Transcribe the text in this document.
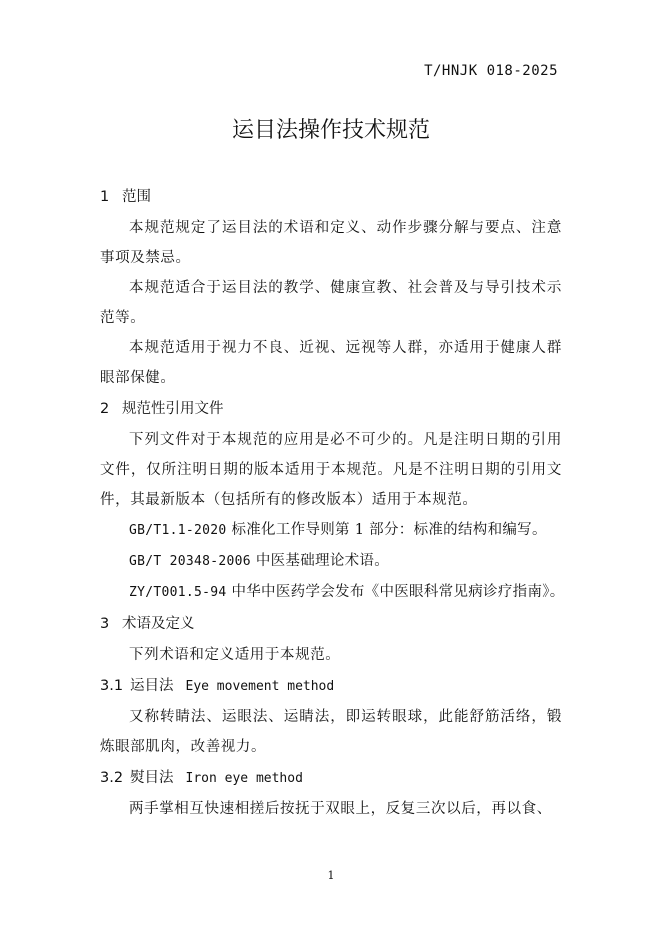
T/HNJK 018-2025
运目法操作技术规范
1 范围

本规范规定了运目法的术语和定义、动作步骤分解与要点、注意事项及禁忌。

本规范适合于运目法的教学、健康宣教、社会普及与导引技术示范等。

本规范适用于视力不良、近视、远视等人群，亦适用于健康人群眼部保健。

2 规范性引用文件

下列文件对于本规范的应用是必不可少的。凡是注明日期的引用文件，仅所注明日期的版本适用于本规范。凡是不注明日期的引用文件，其最新版本（包括所有的修改版本）适用于本规范。

GB/T1.1-2020 标准化工作导则第 1 部分：标准的结构和编写。
GB/T 20348-2006 中医基础理论术语。
ZY/T001.5-94 中华中医药学会发布《中医眼科常见病诊疗指南》。
3 术语及定义

下列术语和定义适用于本规范。

3.1 运目法 Eye movement method

又称转睛法、运眼法、运睛法，即运转眼球，此能舒筋活络，锻炼眼部肌肉，改善视力。

3.2 熨目法 Iron eye method

两手掌相互快速相搓后按抚于双眼上，反复三次以后，再以食、

1
